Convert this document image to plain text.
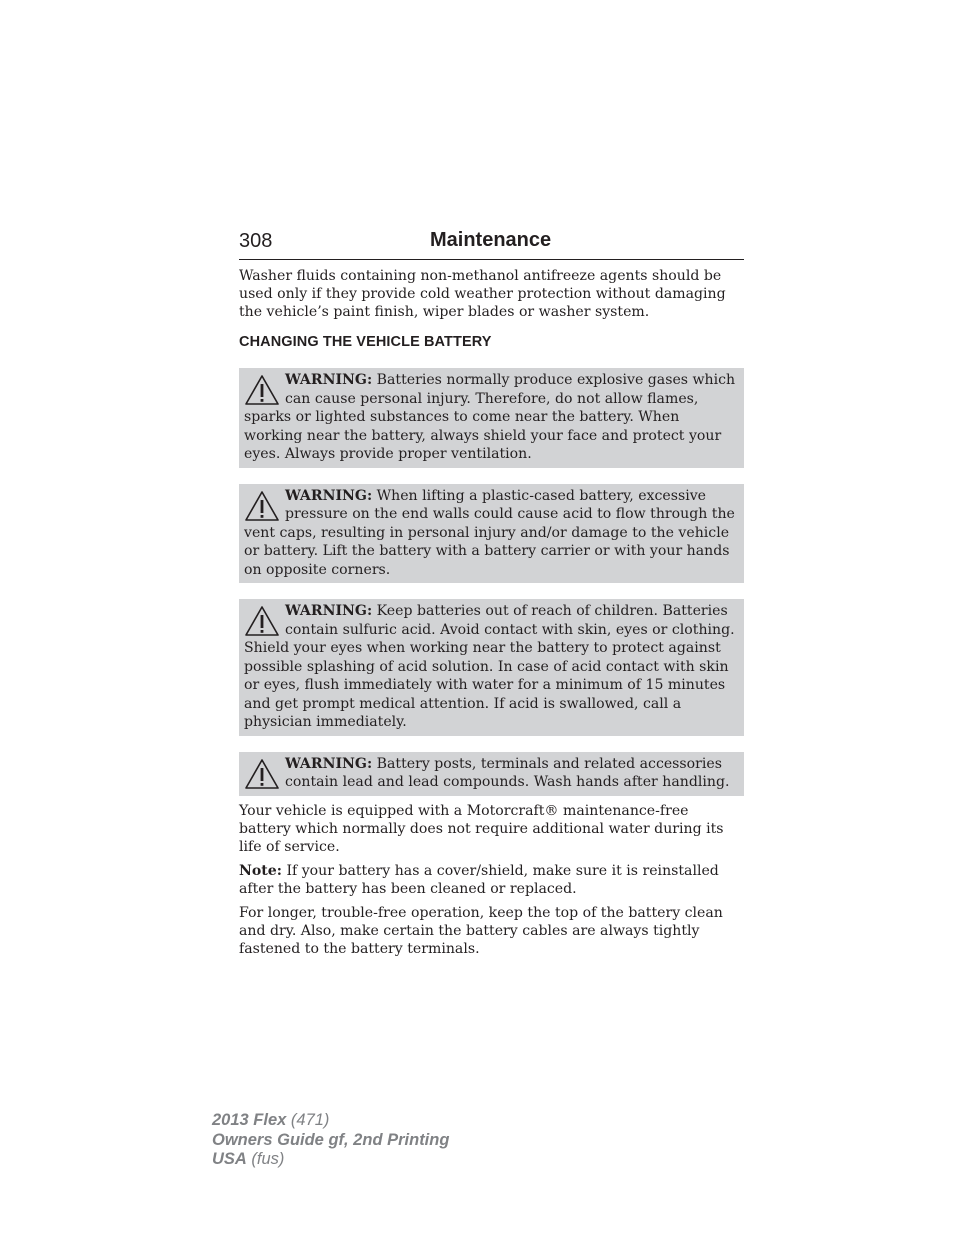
308	Maintenance

Washer fluids containing non-methanol antifreeze agents should be used only if they provide cold weather protection without damaging the vehicle’s paint finish, wiper blades or washer system.

CHANGING THE VEHICLE BATTERY
WARNING: Batteries normally produce explosive gases which can cause personal injury. Therefore, do not allow flames, sparks or lighted substances to come near the battery. When working near the battery, always shield your face and protect your eyes. Always provide proper ventilation.
WARNING: When lifting a plastic-cased battery, excessive pressure on the end walls could cause acid to flow through the vent caps, resulting in personal injury and/or damage to the vehicle or battery. Lift the battery with a battery carrier or with your hands on opposite corners.
WARNING: Keep batteries out of reach of children. Batteries contain sulfuric acid. Avoid contact with skin, eyes or clothing. Shield your eyes when working near the battery to protect against possible splashing of acid solution. In case of acid contact with skin or eyes, flush immediately with water for a minimum of 15 minutes and get prompt medical attention. If acid is swallowed, call a physician immediately.
WARNING: Battery posts, terminals and related accessories contain lead and lead compounds. Wash hands after handling.

Your vehicle is equipped with a Motorcraft® maintenance-free battery which normally does not require additional water during its life of service.

Note: If your battery has a cover/shield, make sure it is reinstalled after the battery has been cleaned or replaced.

For longer, trouble-free operation, keep the top of the battery clean and dry. Also, make certain the battery cables are always tightly fastened to the battery terminals.

2013 Flex (471)
Owners Guide gf, 2nd Printing
USA (fus)
